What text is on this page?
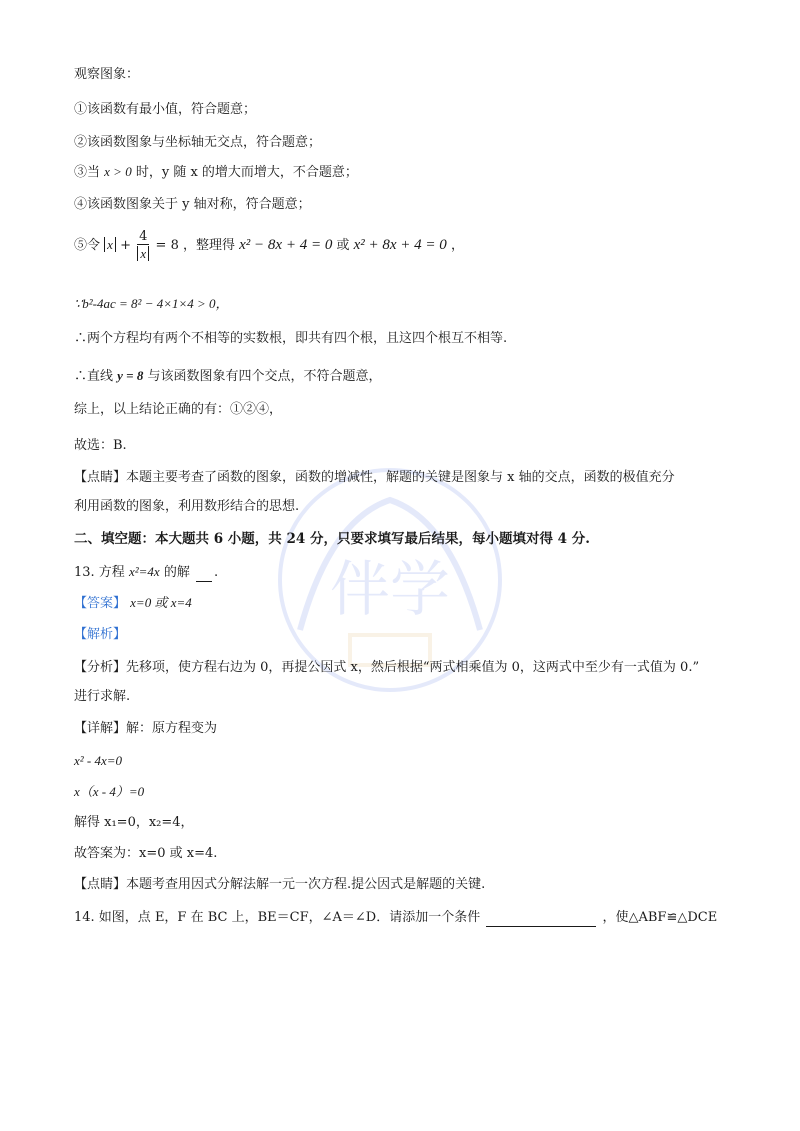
伴学
观察图象：
①该函数有最小值，符合题意；
②该函数图象与坐标轴无交点，符合题意；
③当 x > 0 时，y 随 x 的增大而增大，不合题意；
④该函数图象关于 y 轴对称，符合题意；
⑤令 $x + \frac{4}{x} = 8$ ，整理得 x² − 8x + 4 = 0 或 x² + 8x + 4 = 0 ，
∵b²-4ac = 8² − 4×1×4 > 0，
∴两个方程均有两个不相等的实数根，即共有四个根，且这四个根互不相等.
∴直线 y = 8 与该函数图象有四个交点，不符合题意，
综上，以上结论正确的有：①②④，
故选：B.
【点睛】本题主要考查了函数的图象，函数的增减性，解题的关键是图象与 x 轴的交点，函数的极值充分
利用函数的图象，利用数形结合的思想.
二、填空题：本大题共 6 小题，共 24 分，只要求填写最后结果，每小题填对得 4 分.
13. 方程 x²=4x 的解 .
【答案】 x=0 或 x=4
【解析】
【分析】先移项，使方程右边为 0，再提公因式 x，然后根据“两式相乘值为 0，这两式中至少有一式值为 0.”
进行求解.
【详解】解：原方程变为
x² - 4x=0
x（x - 4）=0
解得 x₁=0，x₂=4，
故答案为：x=0 或 x=4.
【点睛】本题考查用因式分解法解一元一次方程.提公因式是解题的关键.
14. 如图，点 E，F 在 BC 上，BE＝CF，∠A＝∠D．请添加一个条件	，使△ABF≌△DCE
